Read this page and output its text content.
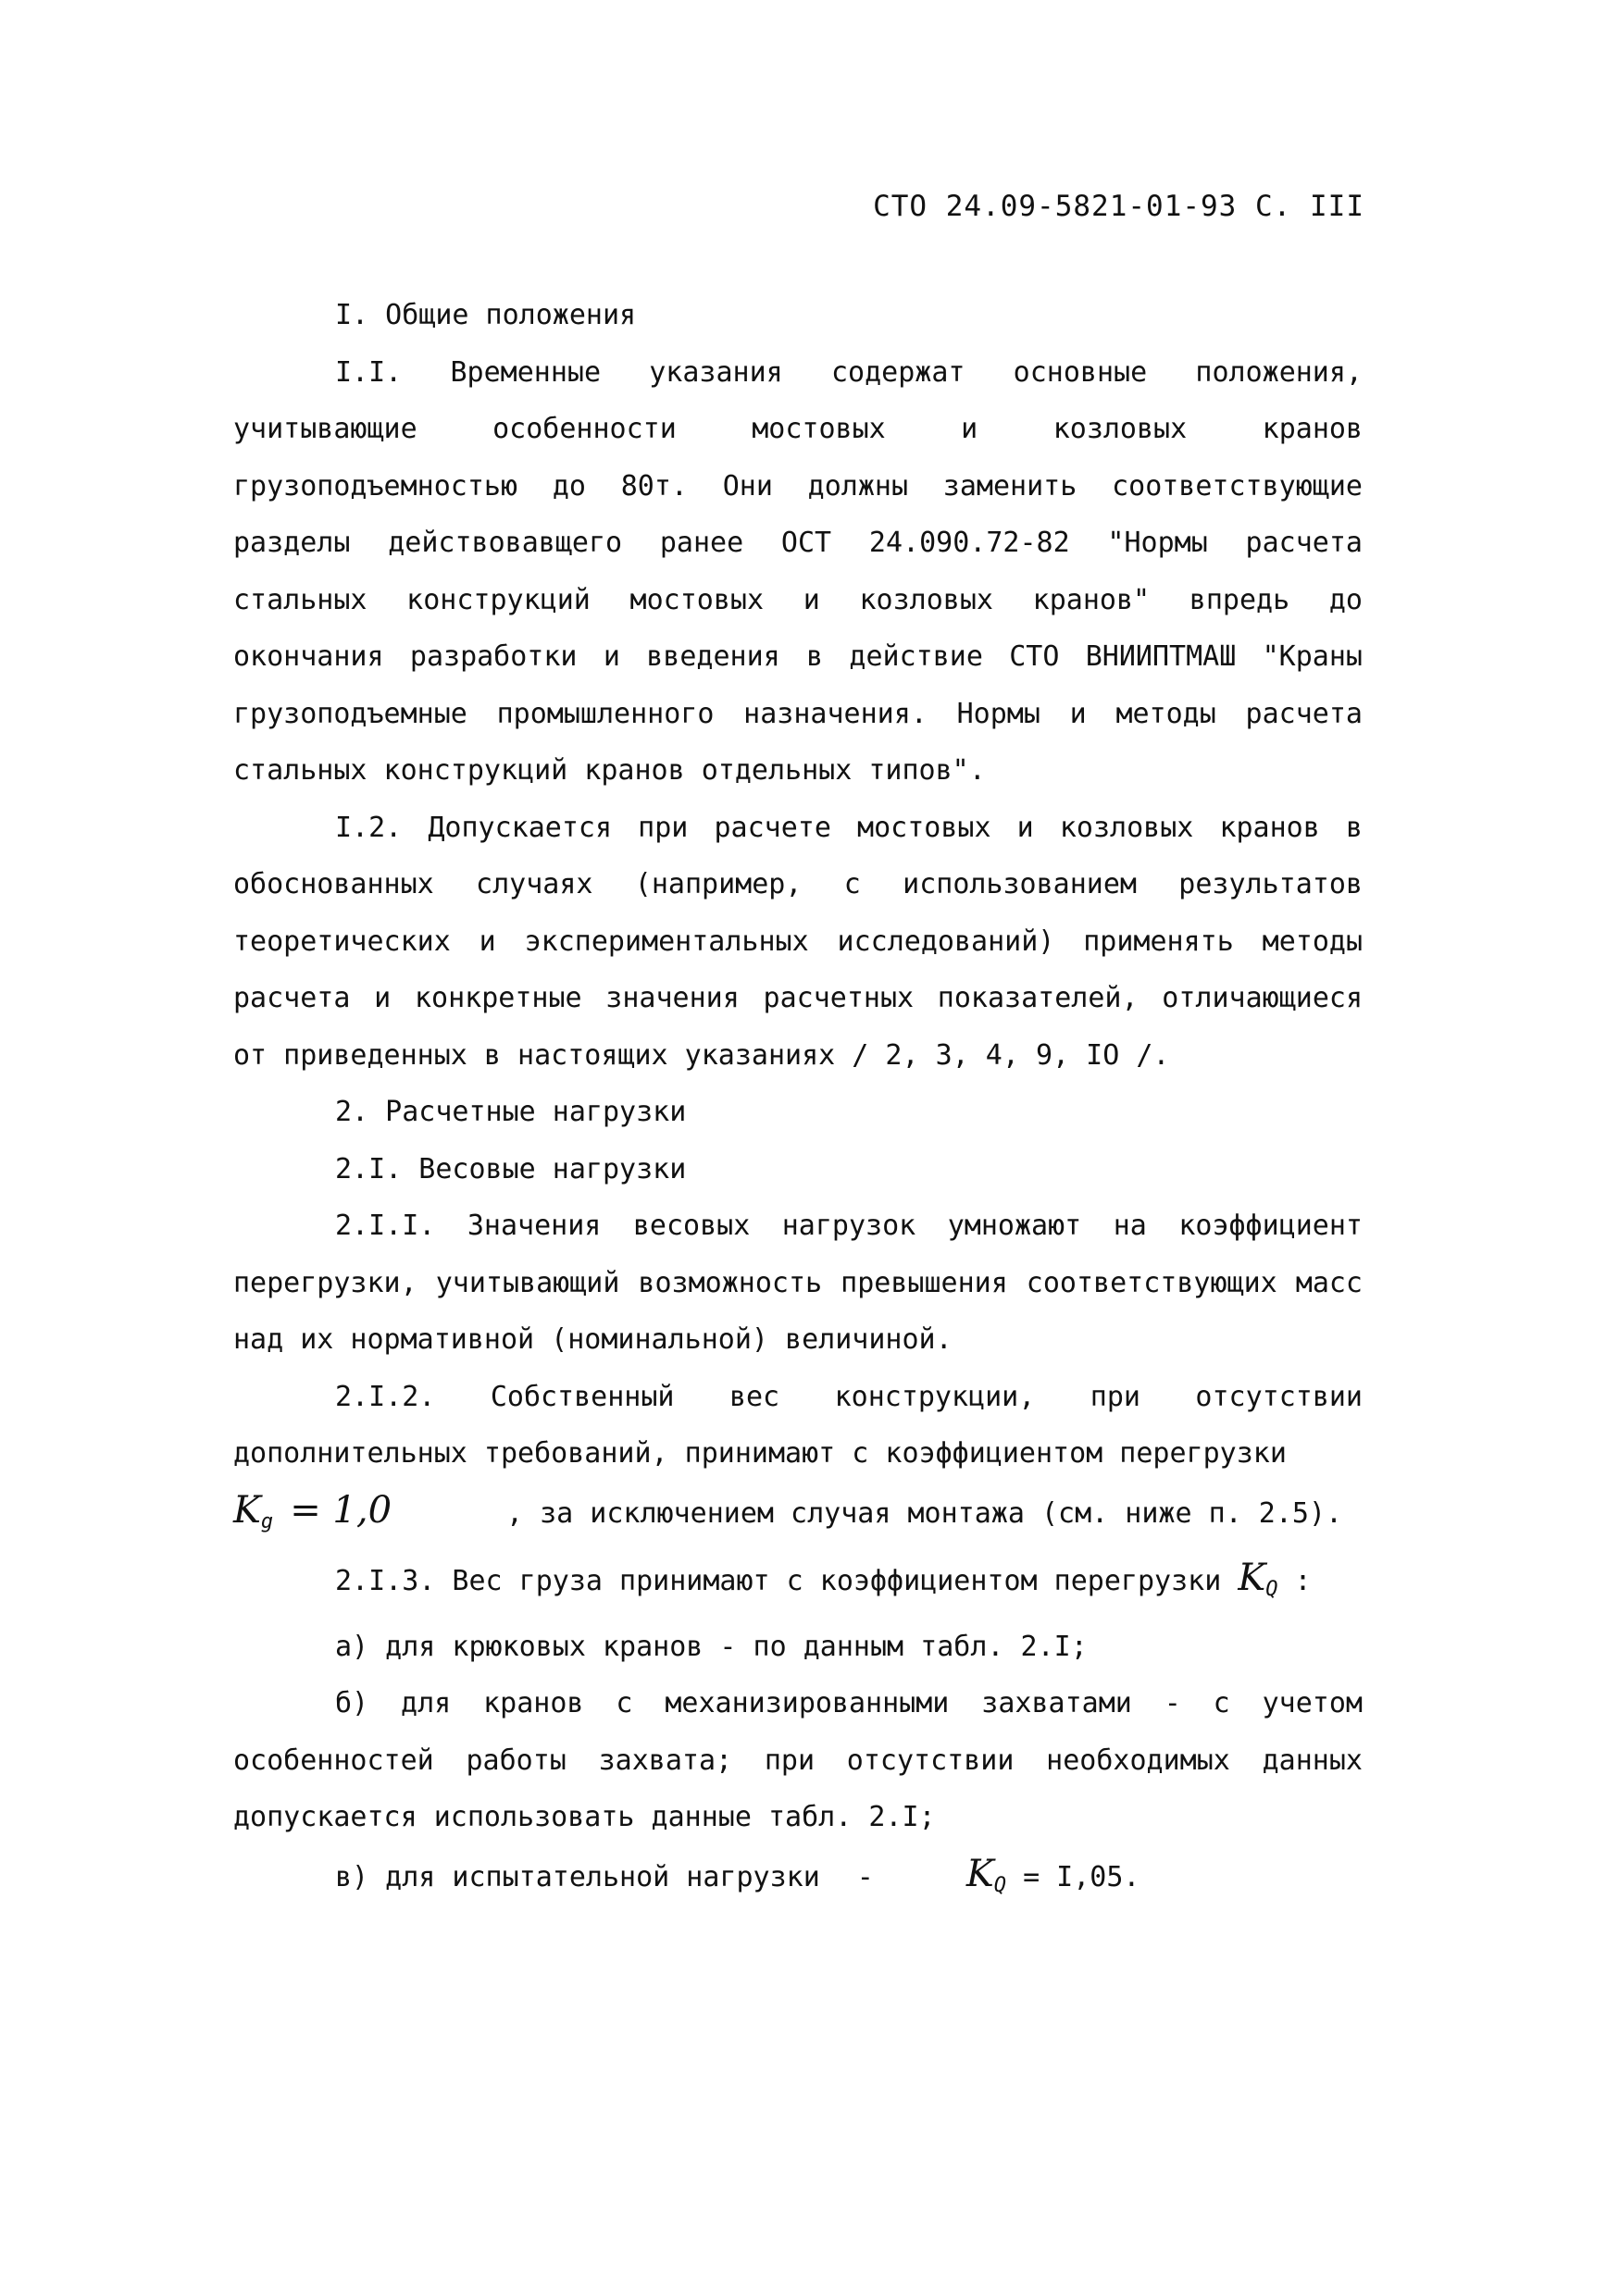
СТО 24.09-5821-01-93 С. III

I. Общие положения

I.I. Временные указания содержат основные положения, учитывающие особенности мостовых и козловых кранов грузоподъемностью до 80т. Они должны заменить соответствующие разделы действовавщего ранее ОСТ 24.090.72-82 "Нормы расчета стальных конструкций мостовых и козловых кранов" впредь до окончания разработки и введения в действие СТО ВНИИПТМАШ "Краны грузоподъемные промышленного назначения. Нормы и методы расчета стальных конструкций кранов отдельных типов".

I.2. Допускается при расчете мостовых и козловых кранов в обоснованных случаях (например, с использованием результатов теоретических и экспериментальных исследований) применять методы расчета и конкретные значения расчетных показателей, отличающиеся от приведенных в настоящих указаниях / 2, 3, 4, 9, IO /.

2. Расчетные нагрузки

2.I. Весовые нагрузки

2.I.I. Значения весовых нагрузок умножают на коэффициент перегрузки, учитывающий возможность превышения соответствующих масс над их нормативной (номинальной) величиной.

2.I.2. Собственный вес конструкции, при отсутствии дополнительных требований, принимают с коэффициентом перегрузки

$K_g = 1,0$	, за исключением случая монтажа (см. ниже п. 2.5).

2.I.3. Вес груза принимают с коэффициентом перегрузки $K_Q$ :

а) для крюковых кранов - по данным табл. 2.I;

б) для кранов с механизированными захватами - с учетом особенностей работы захвата; при отсутствии необходимых данных допускается использовать данные табл. 2.I;

в) для испытательной нагрузки -	$K_Q = I,05$.
